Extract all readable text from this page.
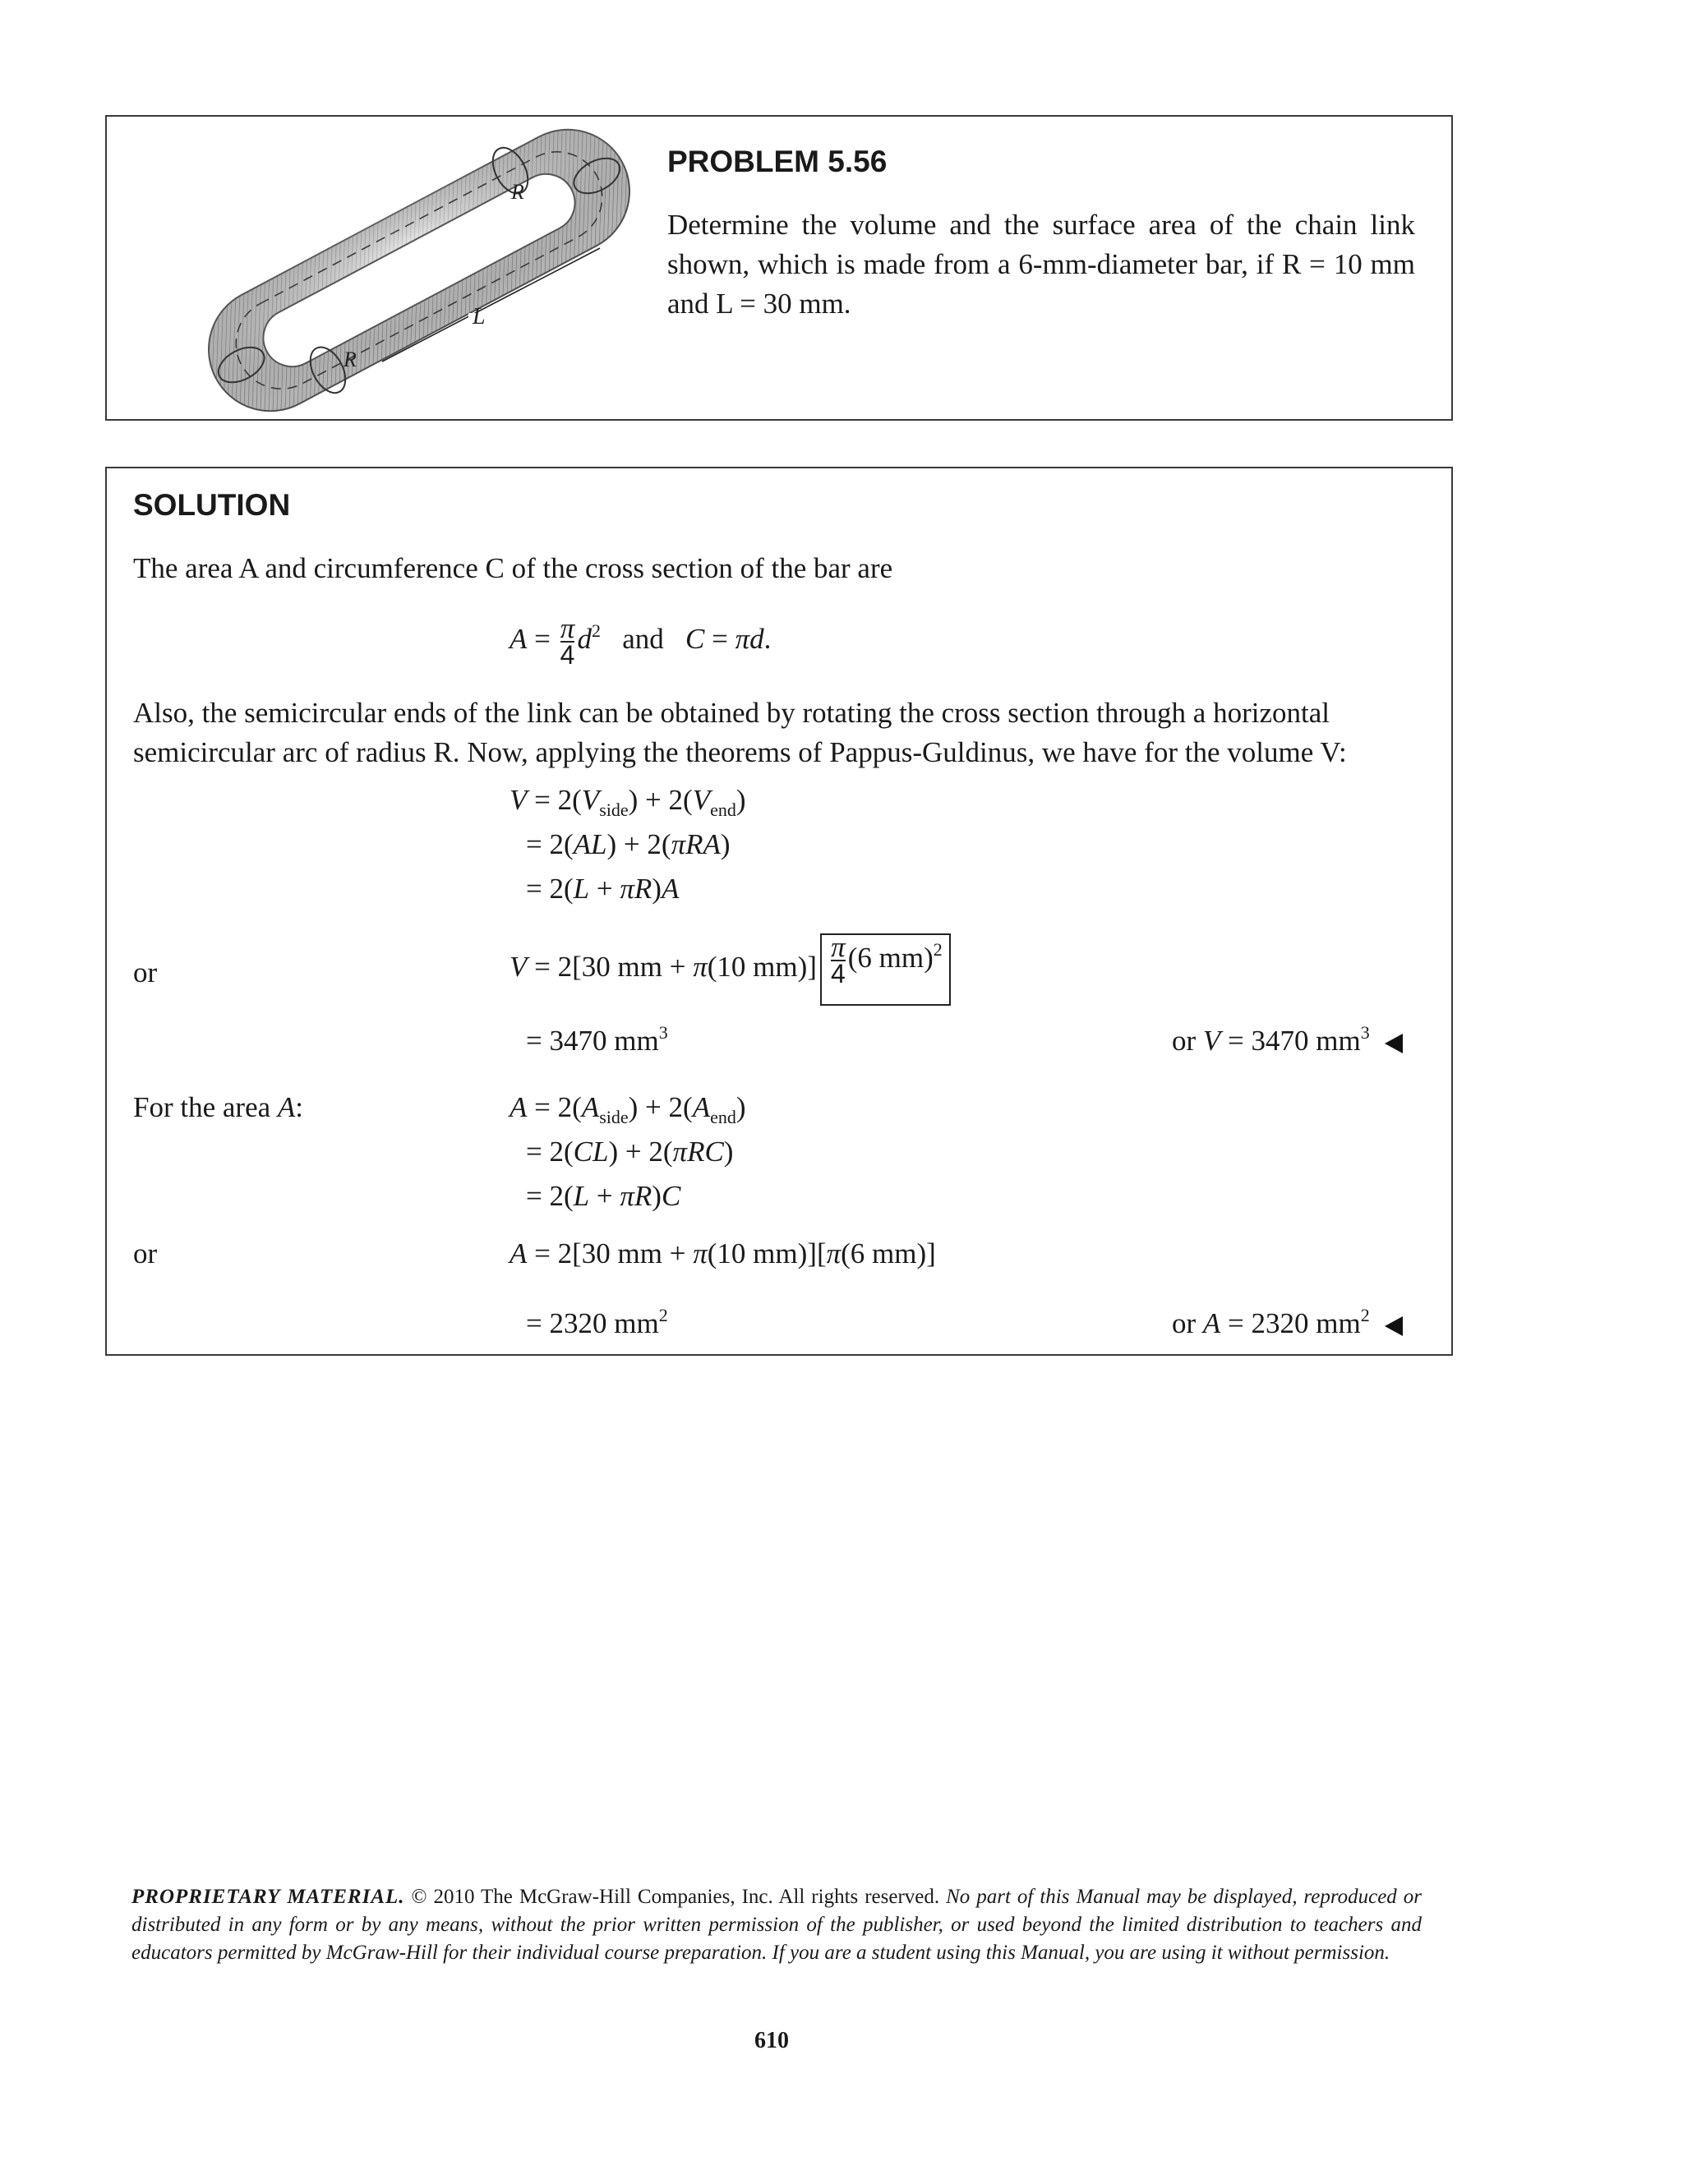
L
R
R
PROBLEM 5.56
Determine the volume and the surface area of the chain link shown, which is made from a 6-mm-diameter bar, if R = 10 mm and L = 30 mm.
SOLUTION
The area A and circumference C of the cross section of the bar are
$A = \frac{\pi}{4} d^2$   and   C = πd.
Also, the semicircular ends of the link can be obtained by rotating the cross section through a horizontal semicircular arc of radius R. Now, applying the theorems of Pappus-Guldinus, we have for the volume V:
$V = 2(V_{side}) + 2(V_{end})$
= 2(AL) + 2(πRA)
= 2(L + πR)A
or	V = 2[30 mm + π(10 $mm)] \frac{\pi}{4} (6$ mm)$^2$
= 3470 $mm^3$	or V = 3470 $mm^3$
For the area A:	$A = 2(A_{side}) + 2(A_{end})$
= 2(CL) + 2(πRC)
= 2(L + πR)C
or	A = 2[30 mm + π(10 mm)][π(6 mm)]
= 2320 $mm^2$	or A = 2320 $mm^2$
PROPRIETARY MATERIAL. © 2010 The McGraw-Hill Companies, Inc. All rights reserved. No part of this Manual may be displayed, reproduced or distributed in any form or by any means, without the prior written permission of the publisher, or used beyond the limited distribution to teachers and educators permitted by McGraw-Hill for their individual course preparation. If you are a student using this Manual, you are using it without permission.
610
